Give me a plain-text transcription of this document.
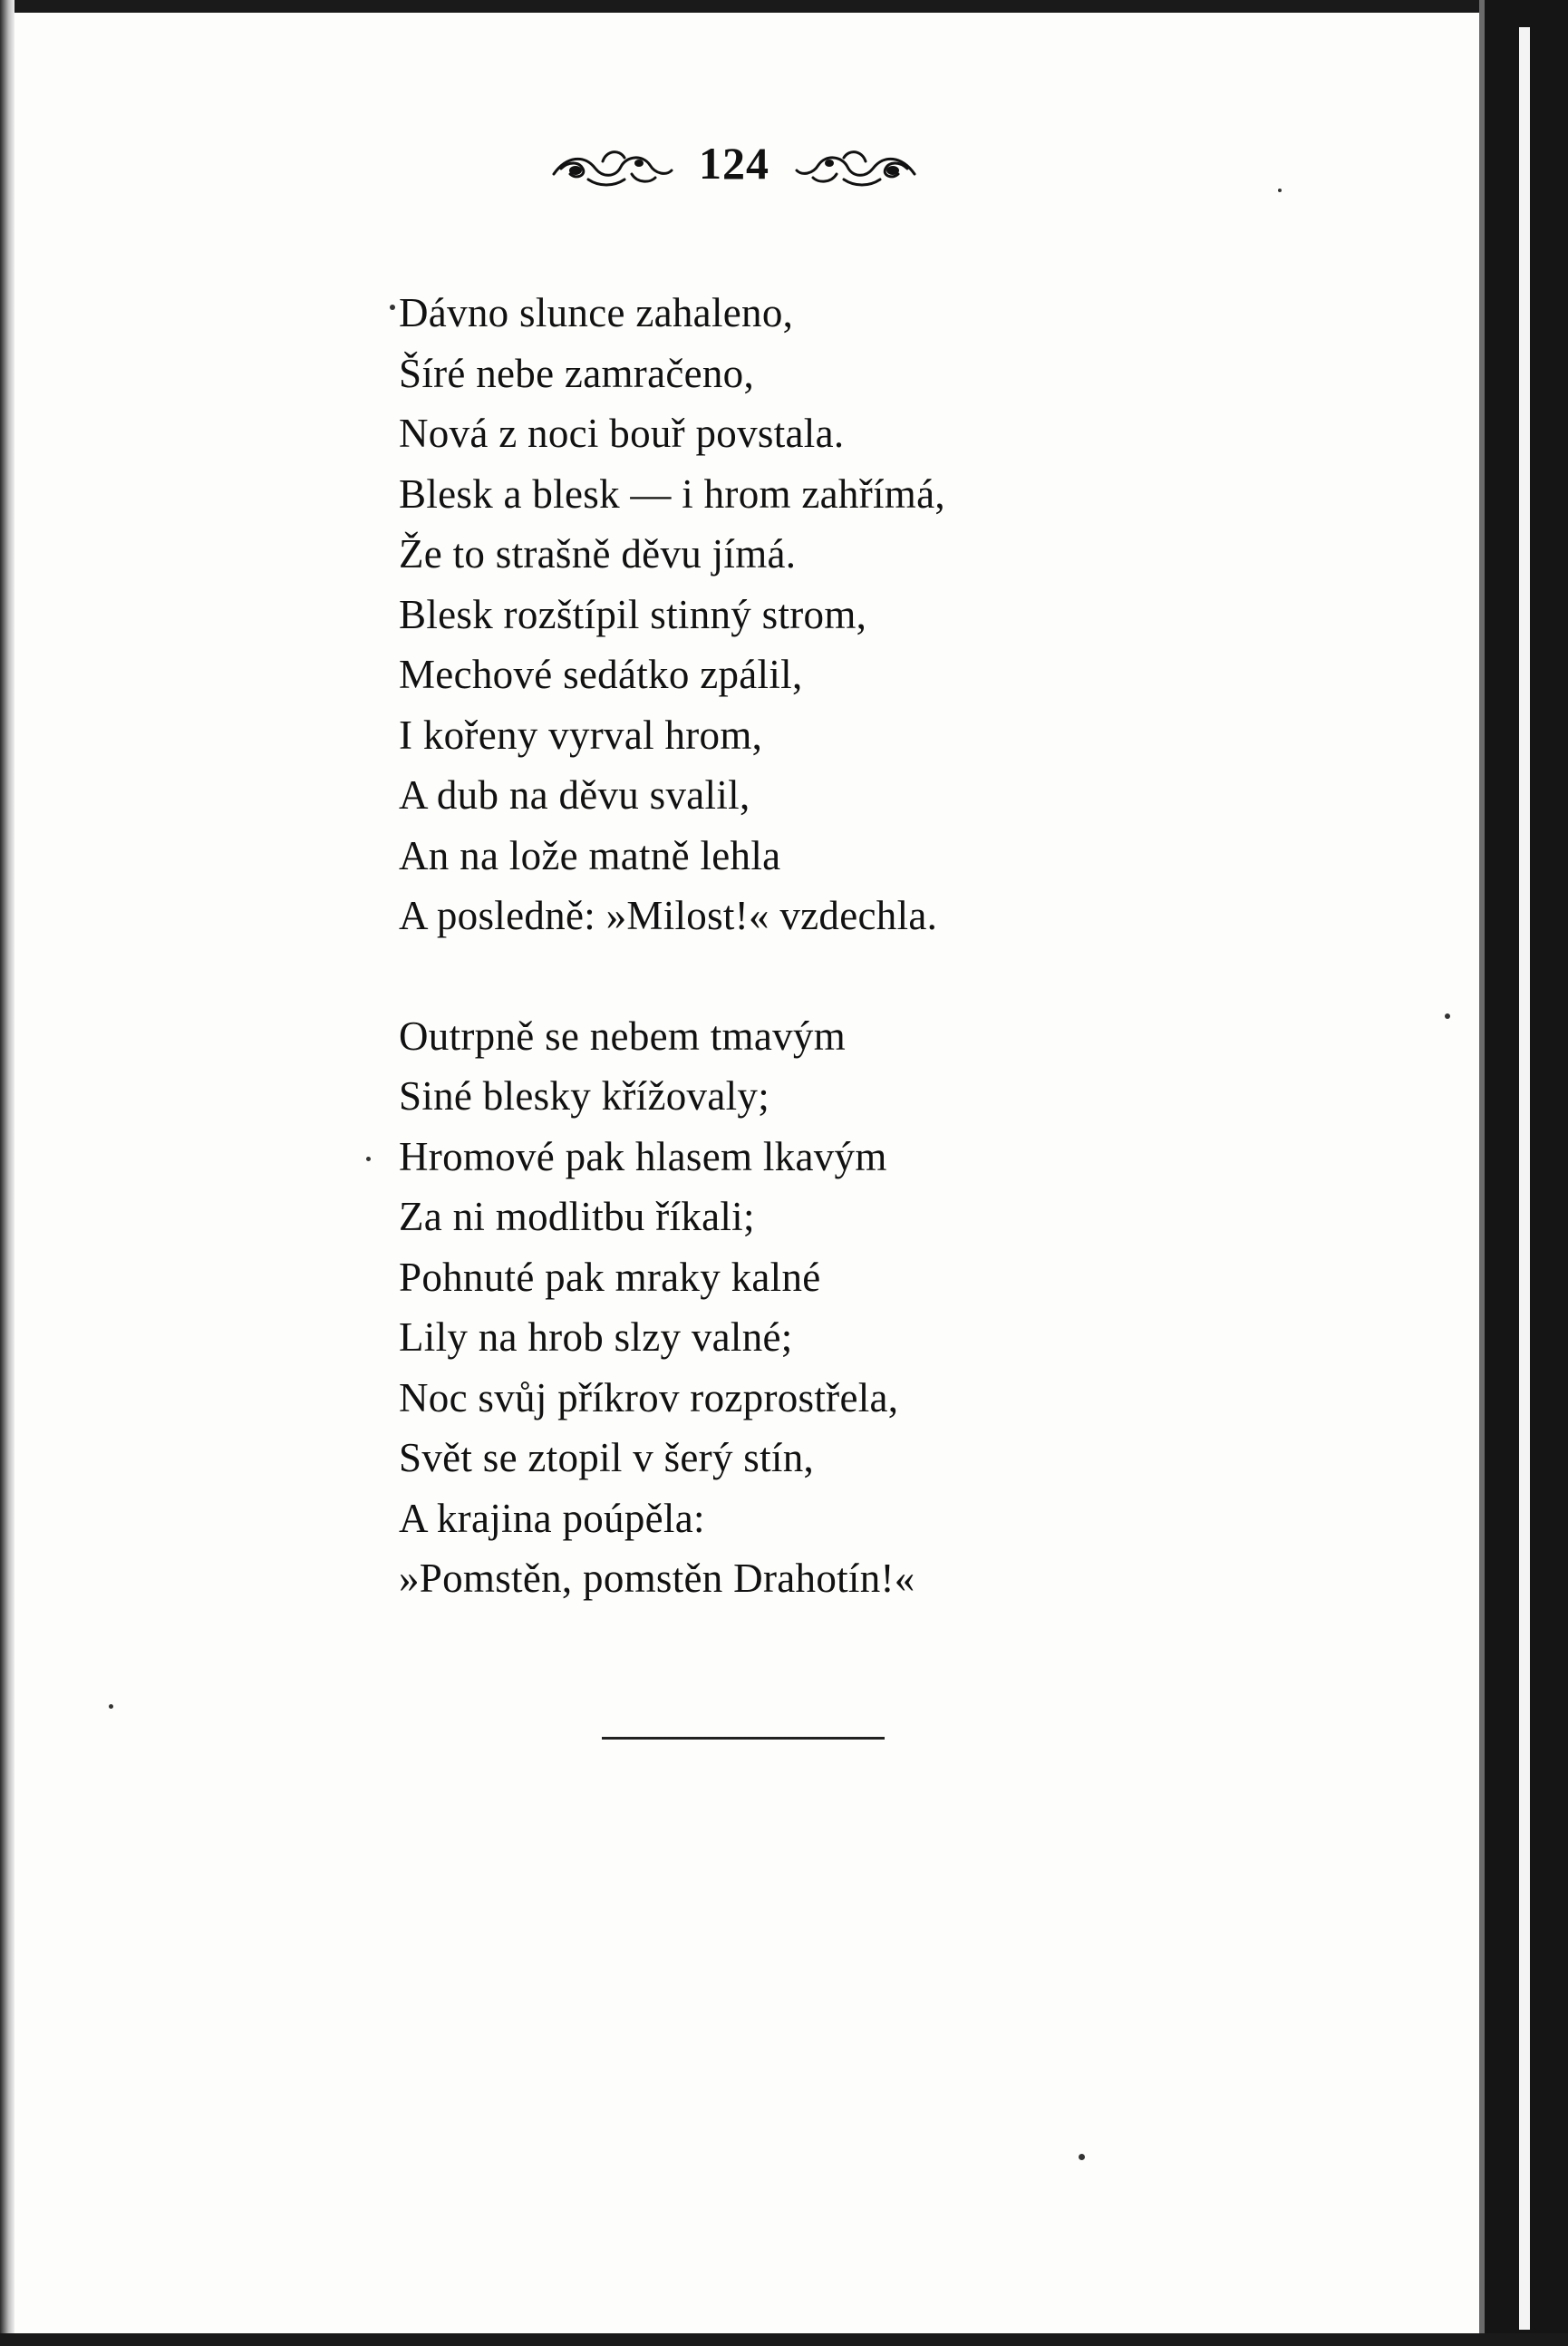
124
Dávno slunce zahaleno,
Šíré nebe zamračeno,
Nová z noci bouř povstala.
Blesk a blesk — i hrom zahřímá,
Že to strašně děvu jímá.
Blesk rozštípil stinný strom,
Mechové sedátko zpálil,
I kořeny vyrval hrom,
A dub na děvu svalil,
An na lože matně lehla
A posledně: »Milost!« vzdechla.
Outrpně se nebem tmavým
Siné blesky křížovaly;
Hromové pak hlasem lkavým
Za ni modlitbu říkali;
Pohnuté pak mraky kalné
Lily na hrob slzy valné;
Noc svůj příkrov rozprostřela,
Svět se ztopil v šerý stín,
A krajina poúpěla:
»Pomstěn, pomstěn Drahotín!«
